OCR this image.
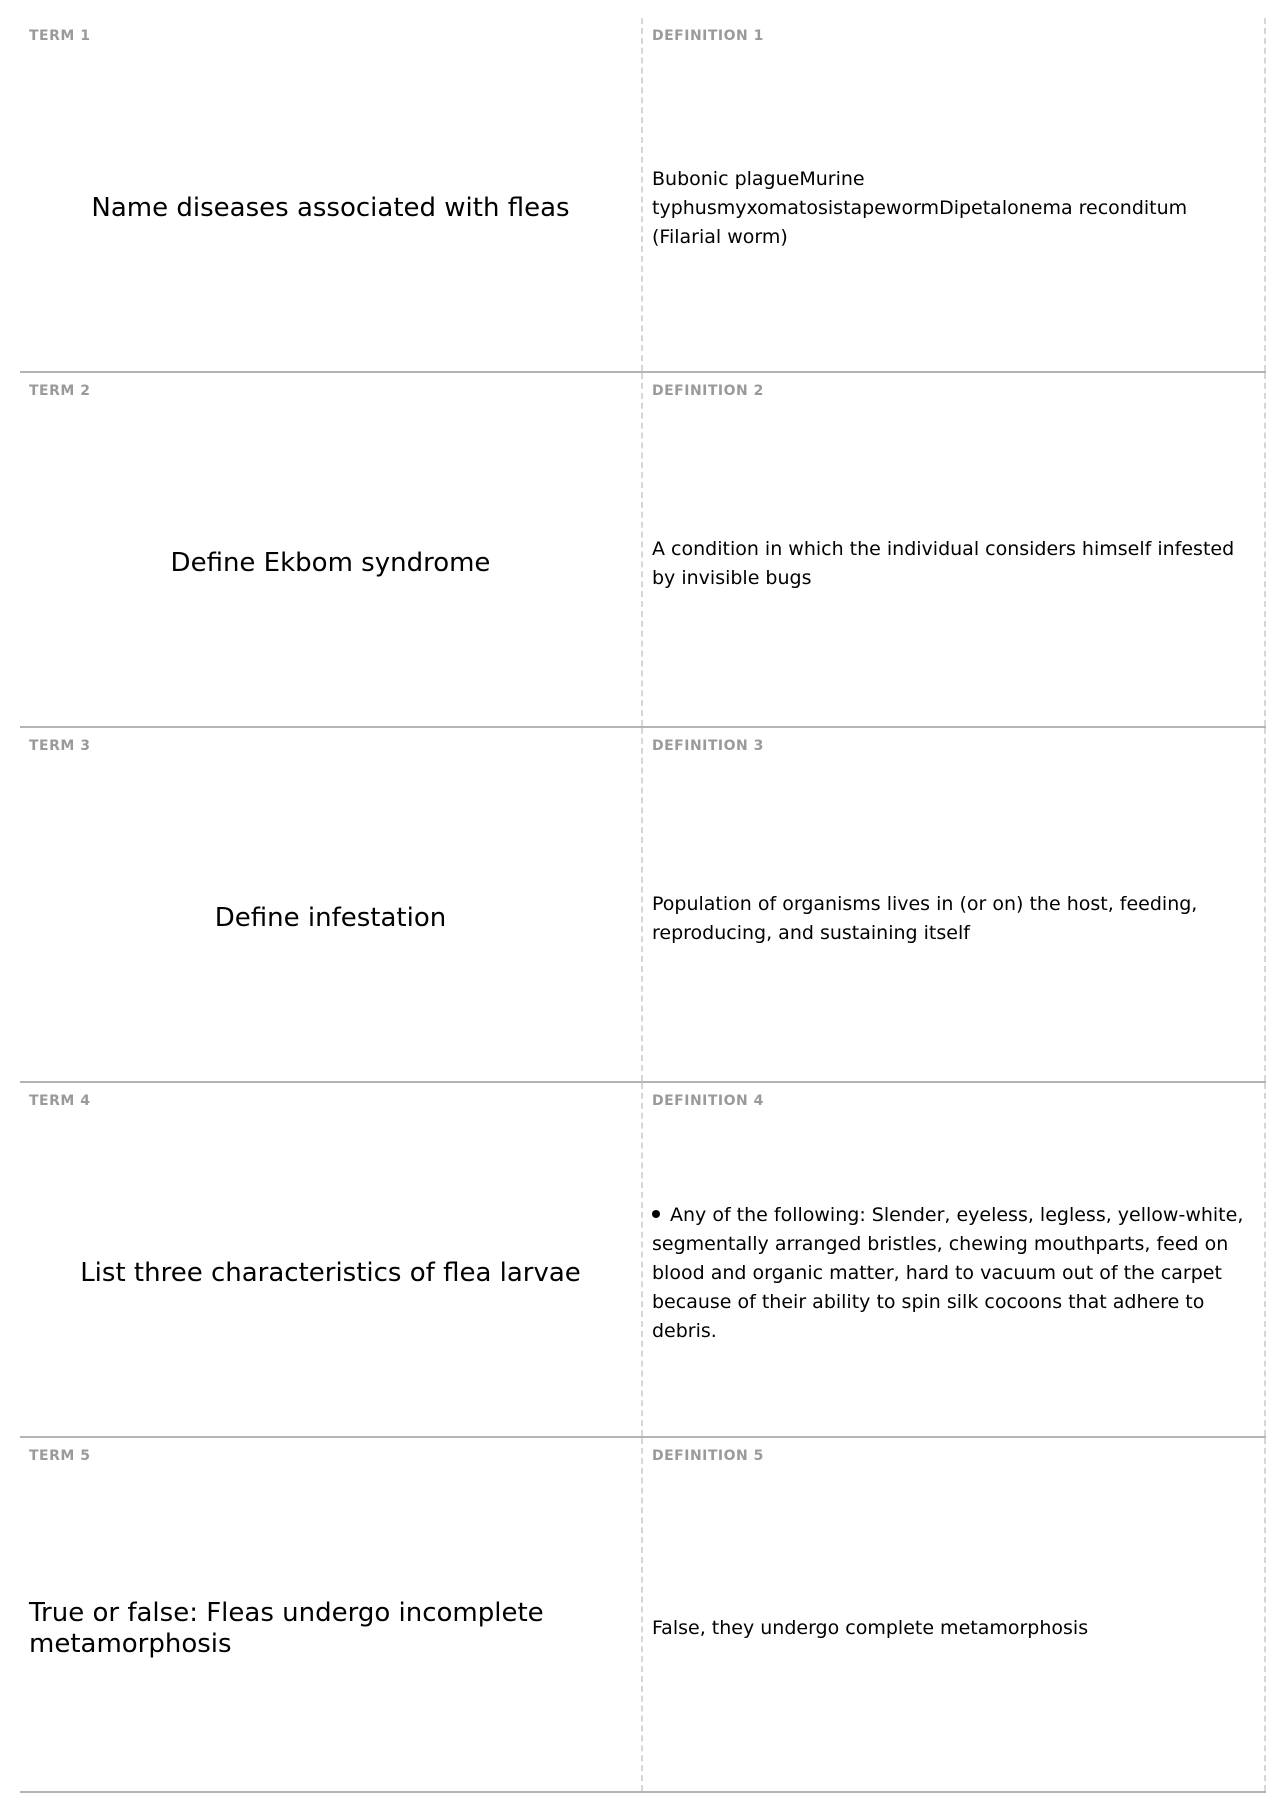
TERM 1
Name diseases associated with fleas
DEFINITION 1
Bubonic plagueMurine typhusmyxomatosistapewormDipetalonema reconditum (Filarial worm)
TERM 2
Define Ekbom syndrome
DEFINITION 2
A condition in which the individual considers himself infested by invisible bugs
TERM 3
Define infestation
DEFINITION 3
Population of organisms lives in (or on) the host, feeding, reproducing, and sustaining itself
TERM 4
List three characteristics of flea larvae
DEFINITION 4
Any of the following: Slender, eyeless, legless, yellow-white, segmentally arranged bristles, chewing mouthparts, feed on blood and organic matter, hard to vacuum out of the carpet because of their ability to spin silk cocoons that adhere to debris.
TERM 5
True or false: Fleas undergo incomplete metamorphosis
DEFINITION 5
False, they undergo complete metamorphosis
